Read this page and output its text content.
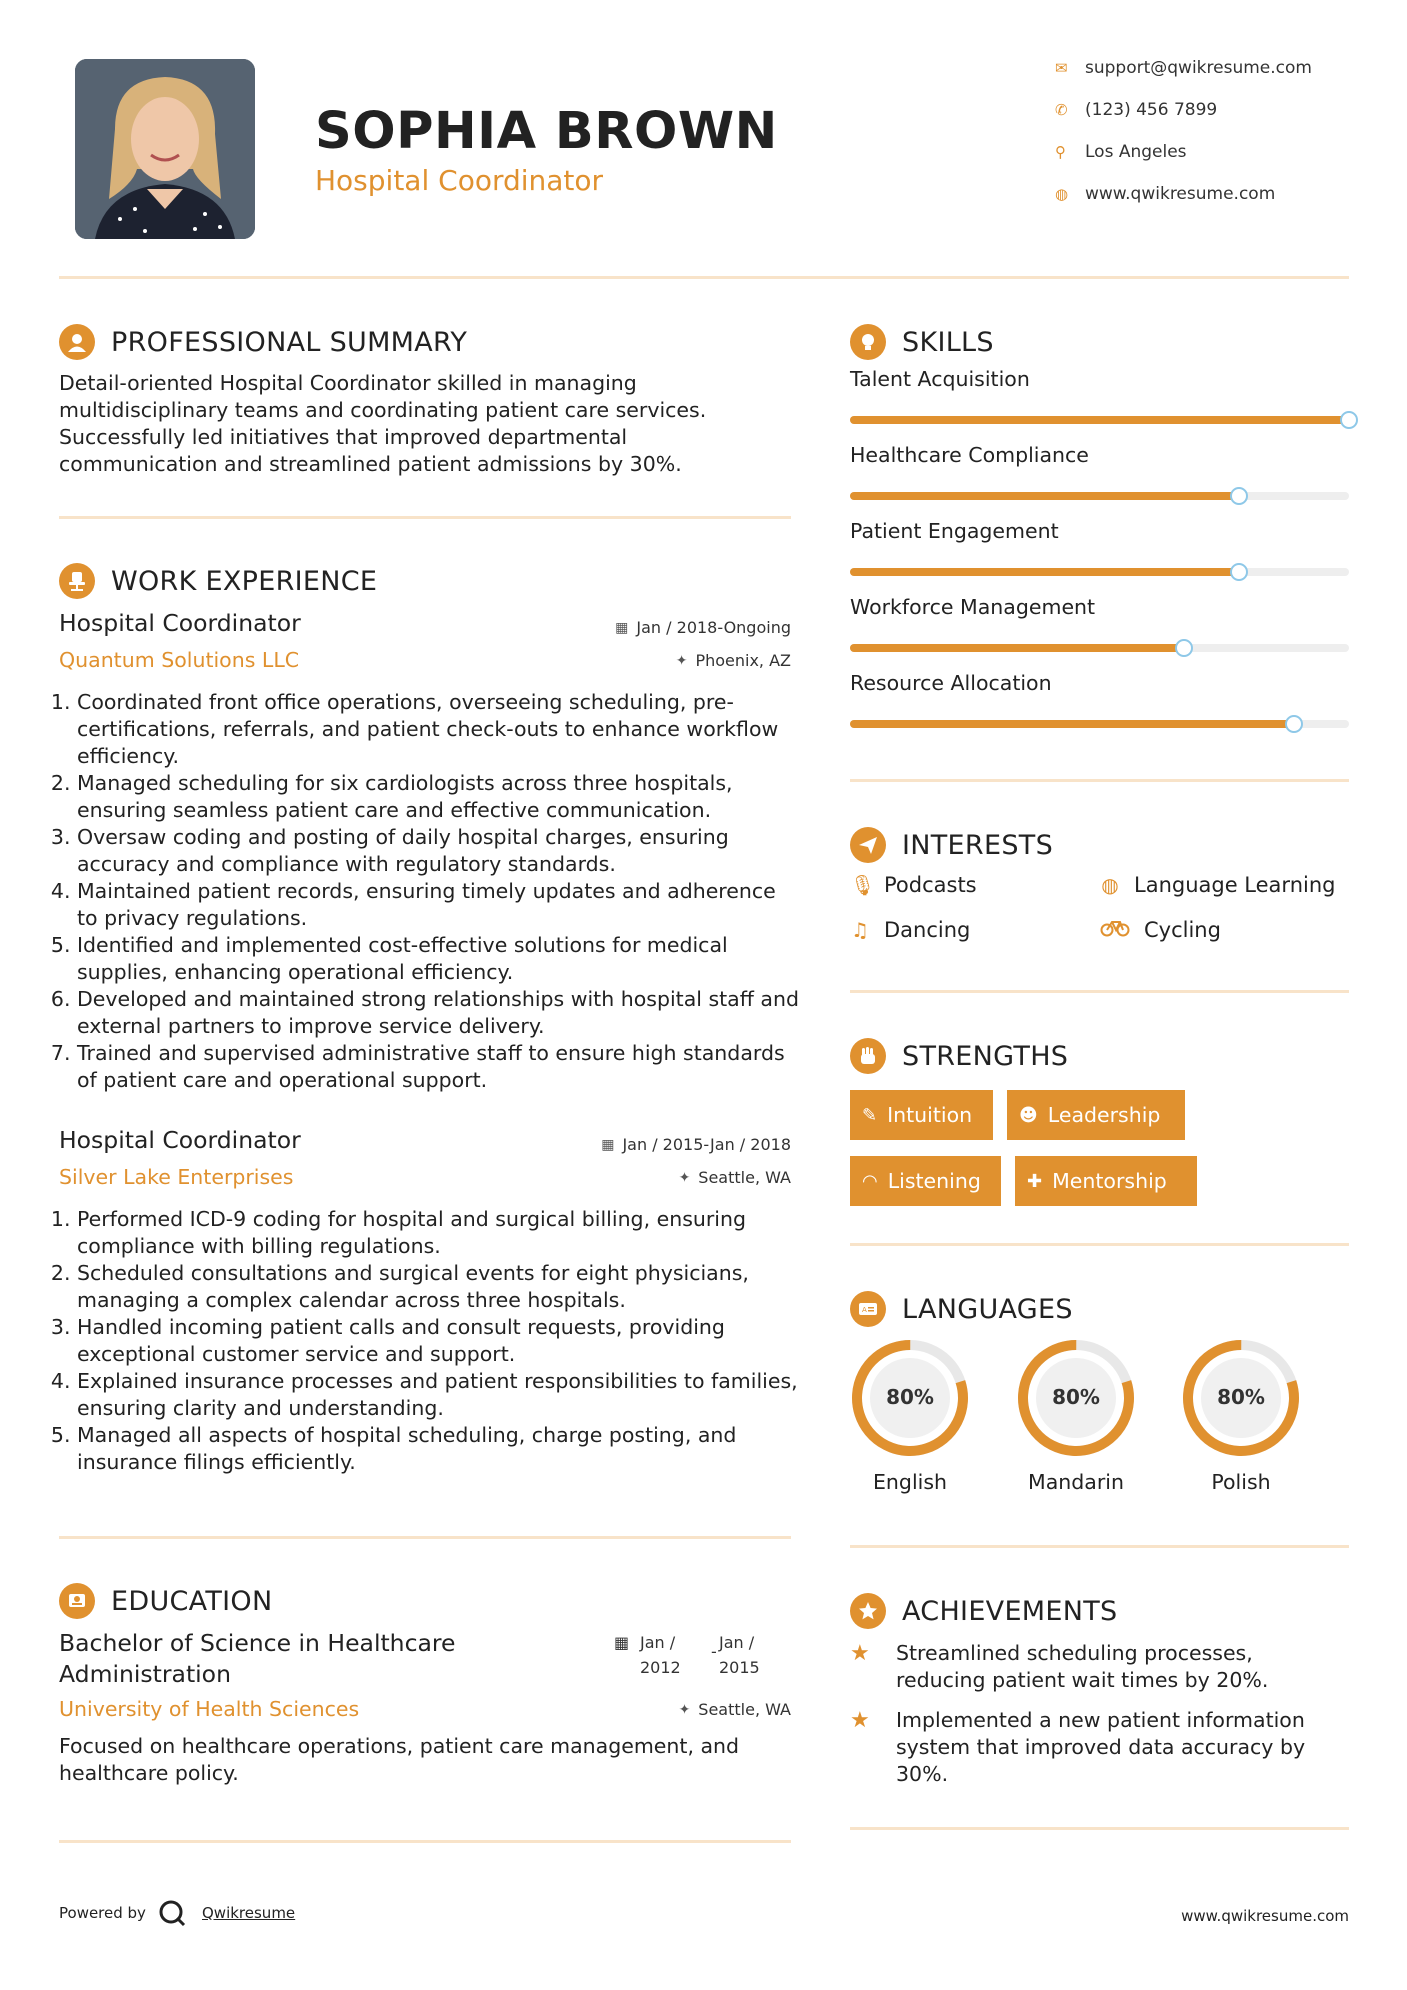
SOPHIA BROWN
Hospital Coordinator
✉	support@qwikresume.com
✆	(123) 456 7899
⚲	Los Angeles
◍ www.qwikresume.com
PROFESSIONAL SUMMARY
Detail-oriented Hospital Coordinator skilled in managing
multidisciplinary teams and coordinating patient care services.
Successfully led initiatives that improved departmental
communication and streamlined patient admissions by 30%.
WORK EXPERIENCE
Hospital Coordinator	▦ Jan / 2018-Ongoing
Quantum Solutions LLC	✦ Phoenix, AZ
1. Coordinated front office operations, overseeing scheduling, pre-certifications, referrals, and patient check-outs to enhance workflow efficiency.
2. Managed scheduling for six cardiologists across three hospitals, ensuring seamless patient care and effective communication.
3. Oversaw coding and posting of daily hospital charges, ensuring accuracy and compliance with regulatory standards.
4. Maintained patient records, ensuring timely updates and adherence to privacy regulations.
5. Identified and implemented cost-effective solutions for medical supplies, enhancing operational efficiency.
6. Developed and maintained strong relationships with hospital staff and external partners to improve service delivery.
7. Trained and supervised administrative staff to ensure high standards of patient care and operational support.
Hospital Coordinator	▦ Jan / 2015-Jan / 2018
Silver Lake Enterprises	✦ Seattle, WA
1. Performed ICD-9 coding for hospital and surgical billing, ensuring compliance with billing regulations.
2. Scheduled consultations and surgical events for eight physicians, managing a complex calendar across three hospitals.
3. Handled incoming patient calls and consult requests, providing exceptional customer service and support.
4. Explained insurance processes and patient responsibilities to families, ensuring clarity and understanding.
5. Managed all aspects of hospital scheduling, charge posting, and insurance filings efficiently.
EDUCATION
Bachelor of Science in Healthcare Administration
▦ Jan /
2012
- Jan /
2015
University of Health Sciences	✦ Seattle, WA
Focused on healthcare operations, patient care management, and healthcare policy.
Powered by	Qwikresume	www.qwikresume.com
SKILLS
Talent Acquisition
Healthcare Compliance
Patient Engagement
Workforce Management
Resource Allocation
INTERESTS
🎙︎ Podcasts	◍ Language Learning
♫ Dancing	Cycling
STRENGTHS
✎ Intuition	☻ Leadership
◠ Listening	✚ Mentorship
A LANGUAGES
80%
English
80%
Mandarin
80%
Polish
ACHIEVEMENTS
★	Streamlined scheduling processes, reducing patient wait times by 20%.
★	Implemented a new patient information system that improved data accuracy by 30%.
